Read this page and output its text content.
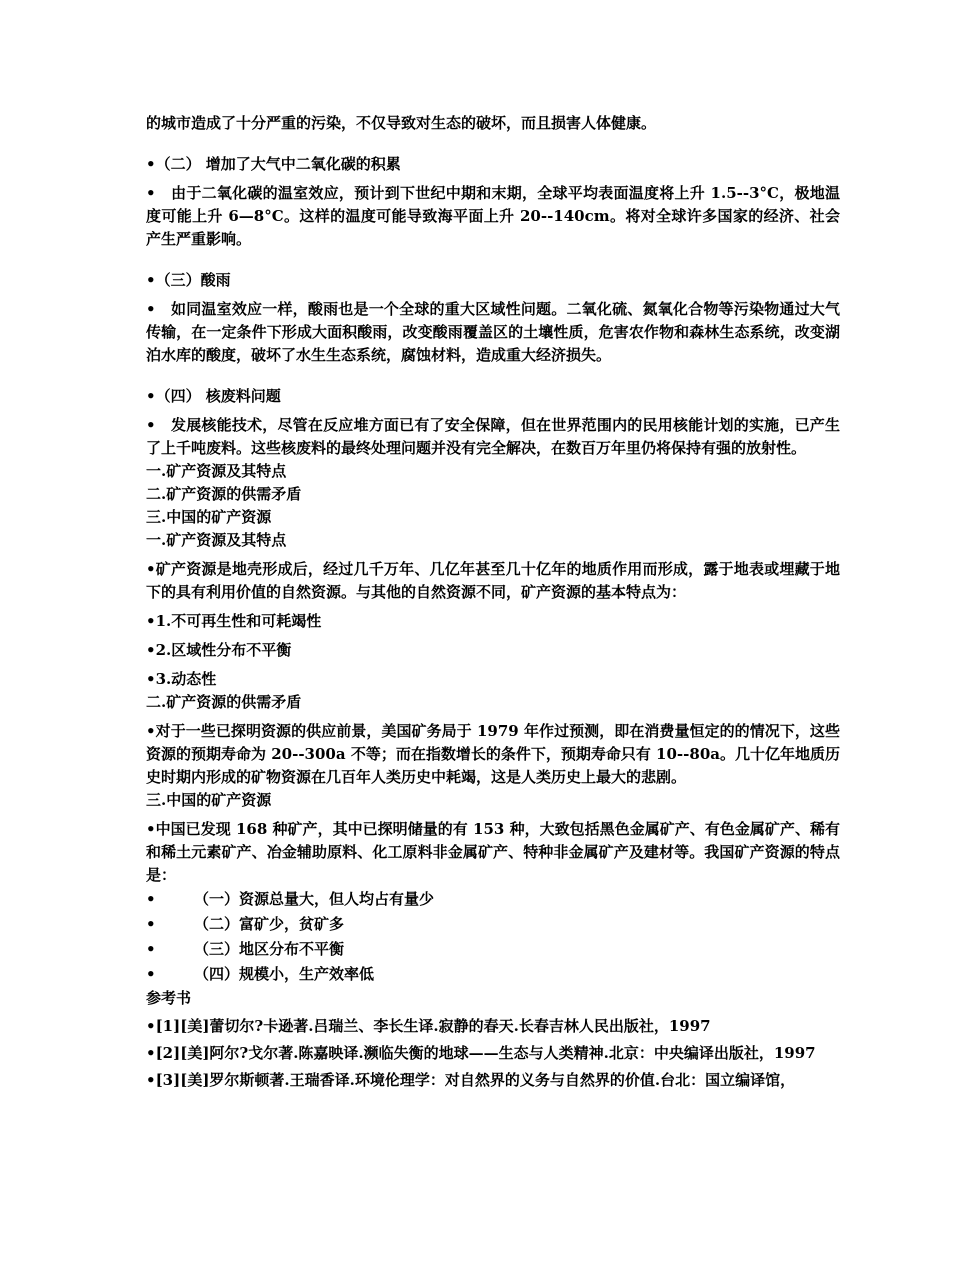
的城市造成了十分严重的污染，不仅导致对生态的破坏，而且损害人体健康。

•（二） 增加了大气中二氧化碳的积累

•　由于二氧化碳的温室效应，预计到下世纪中期和末期，全球平均表面温度将上升 1.5--3°C，极地温度可能上升 6—8°C。这样的温度可能导致海平面上升 20--140cm。将对全球许多国家的经济、社会产生严重影响。

•（三）酸雨

•　如同温室效应一样，酸雨也是一个全球的重大区域性问题。二氧化硫、氮氧化合物等污染物通过大气传输，在一定条件下形成大面积酸雨，改变酸雨覆盖区的土壤性质，危害农作物和森林生态系统，改变湖泊水库的酸度，破坏了水生生态系统，腐蚀材料，造成重大经济损失。

•（四） 核废料问题

•　发展核能技术，尽管在反应堆方面已有了安全保障，但在世界范围内的民用核能计划的实施，已产生了上千吨废料。这些核废料的最终处理问题并没有完全解决，在数百万年里仍将保持有强的放射性。

一.矿产资源及其特点

二.矿产资源的供需矛盾

三.中国的矿产资源

一.矿产资源及其特点

•矿产资源是地壳形成后，经过几千万年、几亿年甚至几十亿年的地质作用而形成，露于地表或埋藏于地下的具有利用价值的自然资源。与其他的自然资源不同，矿产资源的基本特点为：

•1.不可再生性和可耗竭性

•2.区域性分布不平衡

•3.动态性

二.矿产资源的供需矛盾

•对于一些已探明资源的供应前景，美国矿务局于 1979 年作过预测，即在消费量恒定的的情况下，这些资源的预期寿命为 20--300a 不等；而在指数增长的条件下，预期寿命只有 10--80a。几十亿年地质历史时期内形成的矿物资源在几百年人类历史中耗竭，这是人类历史上最大的悲剧。

三.中国的矿产资源

•中国已发现 168 种矿产，其中已探明储量的有 153 种，大致包括黑色金属矿产、有色金属矿产、稀有和稀土元素矿产、冶金辅助原料、化工原料非金属矿产、特种非金属矿产及建材等。我国矿产资源的特点是：

•	（一）资源总量大，但人均占有量少
•	（二）富矿少，贫矿多
•	（三）地区分布不平衡
•	（四）规模小，生产效率低

参考书

•[1][美]蕾切尔?卡逊著.吕瑞兰、李长生译.寂静的春天.长春吉林人民出版社，1997

•[2][美]阿尔?戈尔著.陈嘉映译.濒临失衡的地球——生态与人类精神.北京：中央编译出版社，1997

•[3][美]罗尔斯顿著.王瑞香译.环境伦理学：对自然界的义务与自然界的价值.台北：国立编译馆，
